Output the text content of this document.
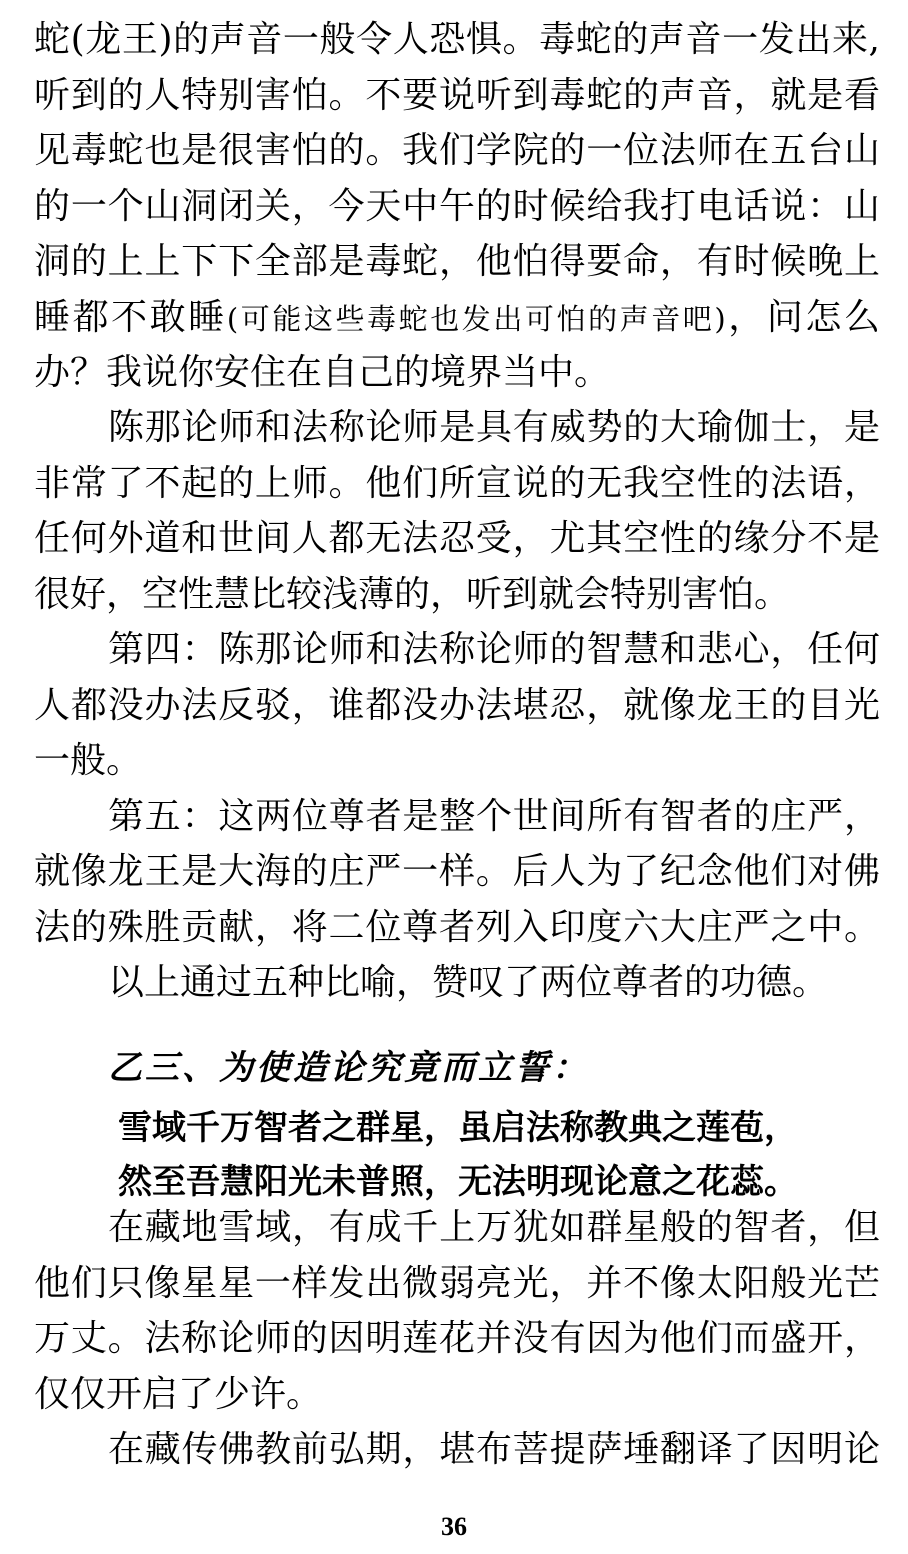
蛇(龙王)的声音一般令人恐惧。毒蛇的声音一发出来,
听到的人特别害怕。不要说听到毒蛇的声音，就是看
见毒蛇也是很害怕的。我们学院的一位法师在五台山
的一个山洞闭关，今天中午的时候给我打电话说：山
洞的上上下下全部是毒蛇，他怕得要命，有时候晚上
睡都不敢睡(可能这些毒蛇也发出可怕的声音吧)，问怎么
办？我说你安住在自己的境界当中。
陈那论师和法称论师是具有威势的大瑜伽士，是
非常了不起的上师。他们所宣说的无我空性的法语，
任何外道和世间人都无法忍受，尤其空性的缘分不是
很好，空性慧比较浅薄的，听到就会特别害怕。
第四：陈那论师和法称论师的智慧和悲心，任何
人都没办法反驳，谁都没办法堪忍，就像龙王的目光
一般。
第五：这两位尊者是整个世间所有智者的庄严，
就像龙王是大海的庄严一样。后人为了纪念他们对佛
法的殊胜贡献，将二位尊者列入印度六大庄严之中。
以上通过五种比喻，赞叹了两位尊者的功德。
乙三、为使造论究竟而立誓：
雪域千万智者之群星，虽启法称教典之莲苞，
然至吾慧阳光未普照，无法明现论意之花蕊。
在藏地雪域，有成千上万犹如群星般的智者，但
他们只像星星一样发出微弱亮光，并不像太阳般光芒
万丈。法称论师的因明莲花并没有因为他们而盛开，
仅仅开启了少许。
在藏传佛教前弘期，堪布菩提萨埵翻译了因明论
36
